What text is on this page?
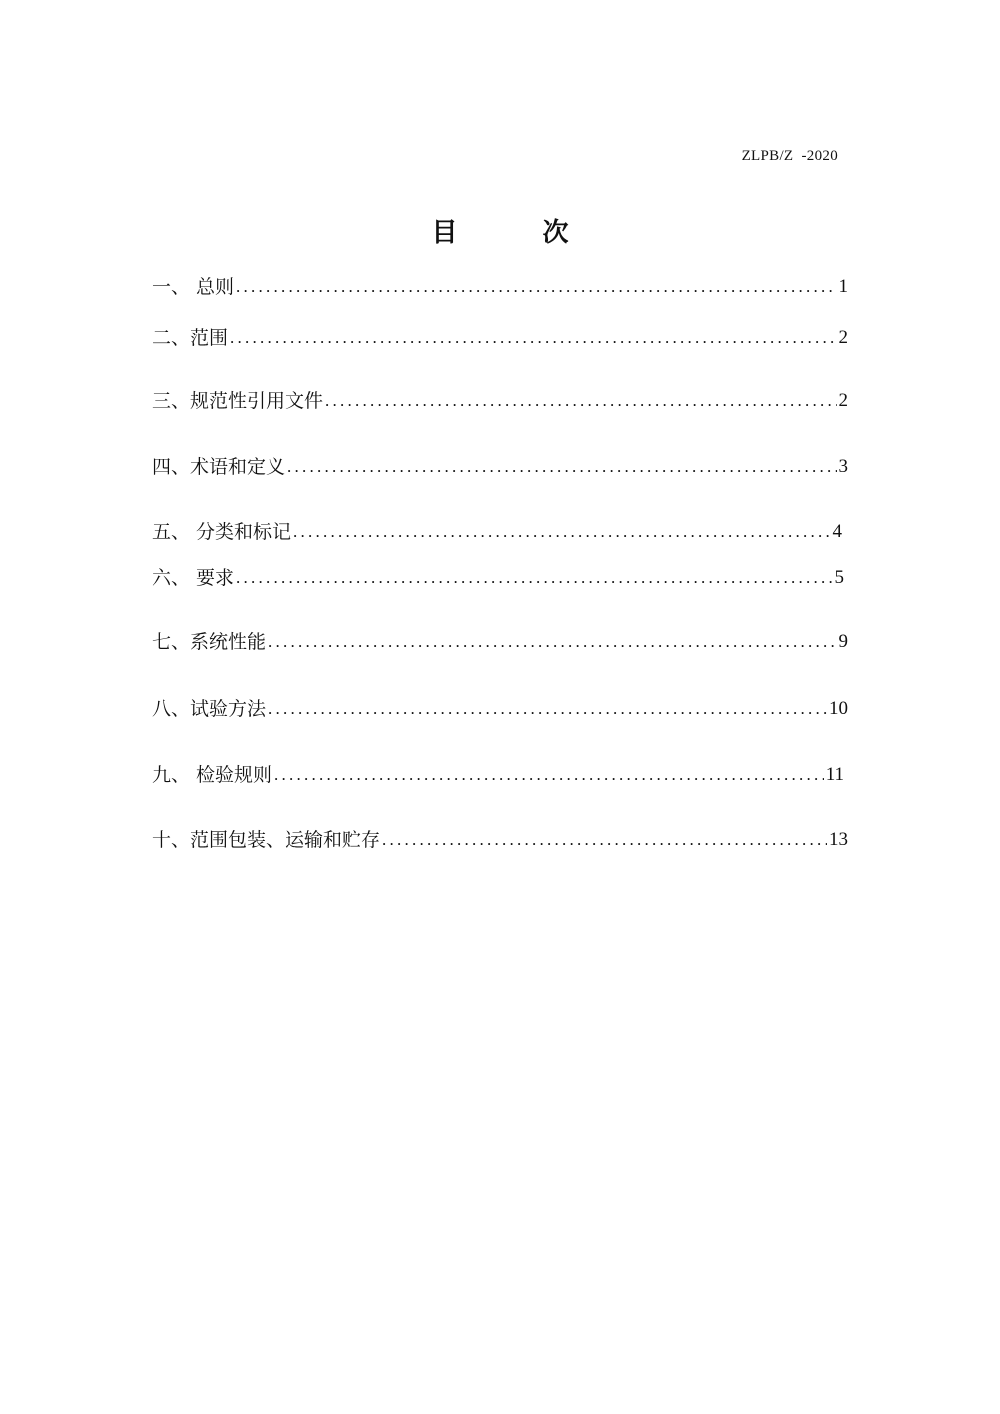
ZLPB/Z  -2020
目 次
一、 总则 . . .	1
二、范围 . . .	2
三、规范性引用文件 . . .	2
四、术语和定义 . . .	3
五、 分类和标记 . . .	4
六、 要求 . . .	5
七、系统性能 . . .	9
八、试验方法 . . .	10
九、 检验规则 . . .	11
十、范围包装、运输和贮存 . . .	13
